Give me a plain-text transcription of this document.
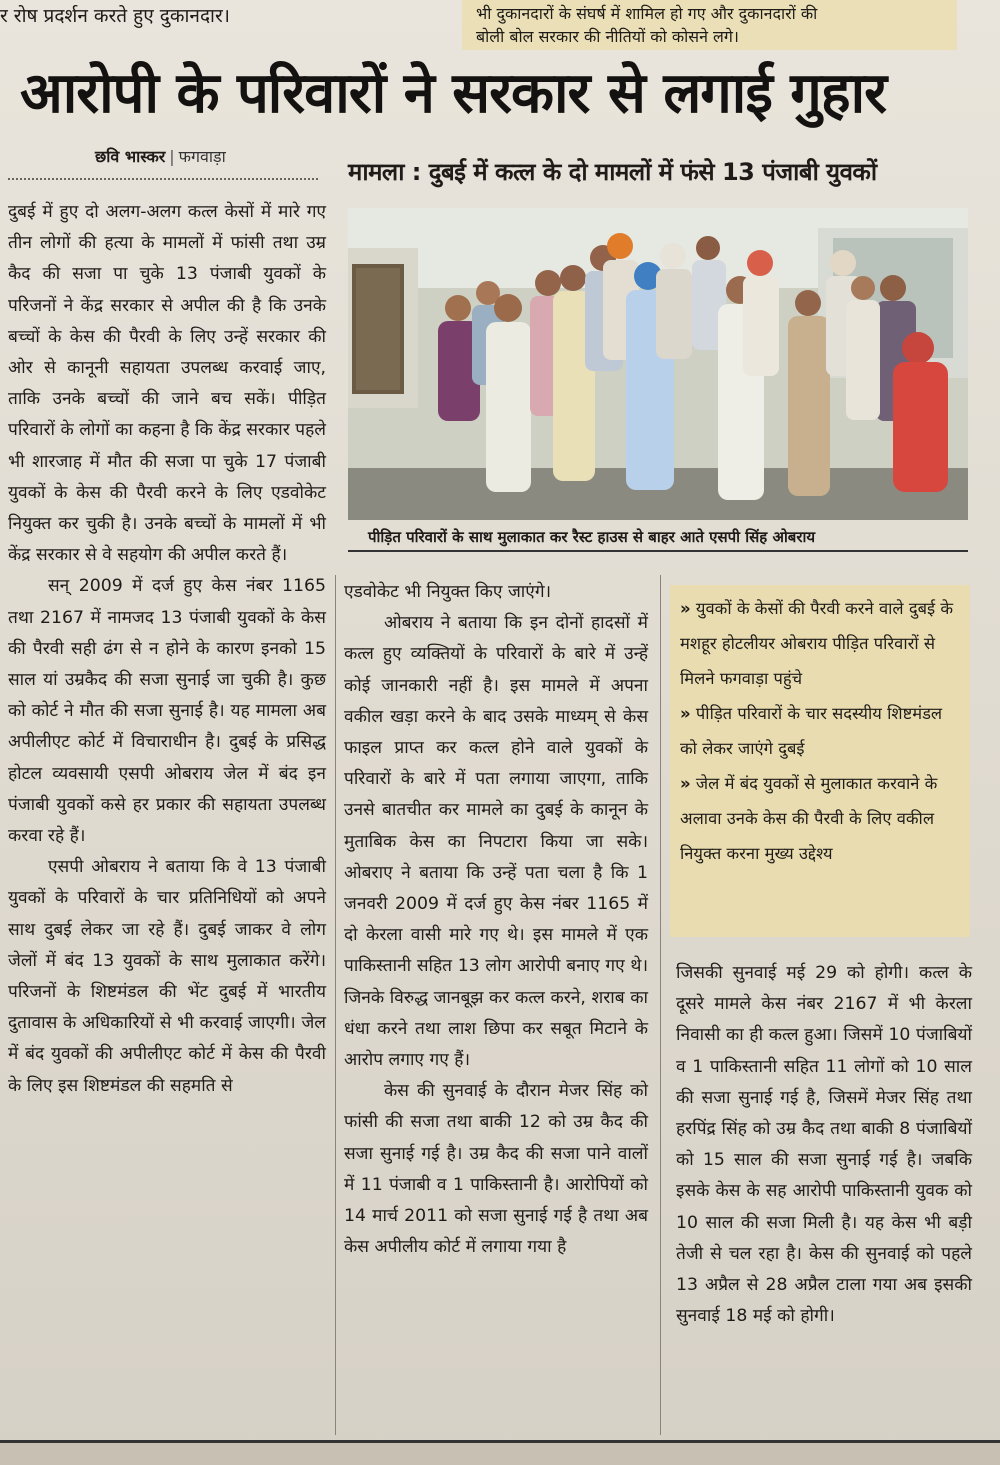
र रोष प्रदर्शन करते हुए दुकानदार।	भी दुकानदारों के संघर्ष में शामिल हो गए और दुकानदारों की
बोली बोल सरकार की नीतियों को कोसने लगे।
आरोपी के परिवारों ने सरकार से लगाई गुहार
छवि भास्कर | फगवाड़ा
मामला : दुबई में कत्ल के दो मामलों में फंसे 13 पंजाबी युवकों
पीड़ित परिवारों के साथ मुलाकात कर रैस्ट हाउस से बाहर आते एसपी सिंह ओबराय

दुबई में हुए दो अलग-अलग कत्ल केसों में मारे गए तीन लोगों की हत्या के मामलों में फांसी तथा उम्र कैद की सजा पा चुके 13 पंजाबी युवकों के परिजनों ने केंद्र सरकार से अपील की है कि उनके बच्चों के केस की पैरवी के लिए उन्हें सरकार की ओर से कानूनी सहायता उपलब्ध करवाई जाए, ताकि उनके बच्चों की जाने बच सकें। पीड़ित परिवारों के लोगों का कहना है कि केंद्र सरकार पहले भी शारजाह में मौत की सजा पा चुके 17 पंजाबी युवकों के केस की पैरवी करने के लिए एडवोकेट नियुक्त कर चुकी है। उनके बच्चों के मामलों में भी केंद्र सरकार से वे सहयोग की अपील करते हैं।

सन् 2009 में दर्ज हुए केस नंबर 1165 तथा 2167 में नामजद 13 पंजाबी युवकों के केस की पैरवी सही ढंग से न होने के कारण इनको 15 साल यां उम्रकैद की सजा सुनाई जा चुकी है। कुछ को कोर्ट ने मौत की सजा सुनाई है। यह मामला अब अपीलीएट कोर्ट में विचाराधीन है। दुबई के प्रसिद्ध होटल व्यवसायी एसपी ओबराय जेल में बंद इन पंजाबी युवकों कसे हर प्रकार की सहायता उपलब्ध करवा रहे हैं।

एसपी ओबराय ने बताया कि वे 13 पंजाबी युवकों के परिवारों के चार प्रतिनिधियों को अपने साथ दुबई लेकर जा रहे हैं। दुबई जाकर वे लोग जेलों में बंद 13 युवकों के साथ मुलाकात करेंगे। परिजनों के शिष्टमंडल की भेंट दुबई में भारतीय दुतावास के अधिकारियों से भी करवाई जाएगी। जेल में बंद युवकों की अपीलीएट कोर्ट में केस की पैरवी के लिए इस शिष्टमंडल की सहमति से

एडवोकेट भी नियुक्त किए जाएंगे।

ओबराय ने बताया कि इन दोनों हादसों में कत्ल हुए व्यक्तियों के परिवारों के बारे में उन्हें कोई जानकारी नहीं है। इस मामले में अपना वकील खड़ा करने के बाद उसके माध्यम् से केस फाइल प्राप्त कर कत्ल होने वाले युवकों के परिवारों के बारे में पता लगाया जाएगा, ताकि उनसे बातचीत कर मामले का दुबई के कानून के मुताबिक केस का निपटारा किया जा सके। ओबराए ने बताया कि उन्हें पता चला है कि 1 जनवरी 2009 में दर्ज हुए केस नंबर 1165 में दो केरला वासी मारे गए थे। इस मामले में एक पाकिस्तानी सहित 13 लोग आरोपी बनाए गए थे। जिनके विरुद्ध जानबूझ कर कत्ल करने, शराब का धंधा करने तथा लाश छिपा कर सबूत मिटाने के आरोप लगाए गए हैं।

केस की सुनवाई के दौरान मेजर सिंह को फांसी की सजा तथा बाकी 12 को उम्र कैद की सजा सुनाई गई है। उम्र कैद की सजा पाने वालों में 11 पंजाबी व 1 पाकिस्तानी है। आरोपियों को 14 मार्च 2011 को सजा सुनाई गई है तथा अब केस अपीलीय कोर्ट में लगाया गया है

» युवकों के केसों की पैरवी करने वाले दुबई के मशहूर होटलीयर ओबराय पीड़ित परिवारों से मिलने फगवाड़ा पहुंचे

» पीड़ित परिवारों के चार सदस्यीय शिष्टमंडल को लेकर जाएंगे दुबई

» जेल में बंद युवकों से मुलाकात करवाने के अलावा उनके केस की पैरवी के लिए वकील नियुक्त करना मुख्य उद्देश्य

जिसकी सुनवाई मई 29 को होगी। कत्ल के दूसरे मामले केस नंबर 2167 में भी केरला निवासी का ही कत्ल हुआ। जिसमें 10 पंजाबियों व 1 पाकिस्तानी सहित 11 लोगों को 10 साल की सजा सुनाई गई है, जिसमें मेजर सिंह तथा हरपिंद्र सिंह को उम्र कैद तथा बाकी 8 पंजाबियों को 15 साल की सजा सुनाई गई है। जबकि इसके केस के सह आरोपी पाकिस्तानी युवक को 10 साल की सजा मिली है। यह केस भी बड़ी तेजी से चल रहा है। केस की सुनवाई को पहले 13 अप्रैल से 28 अप्रैल टाला गया अब इसकी सुनवाई 18 मई को होगी।
